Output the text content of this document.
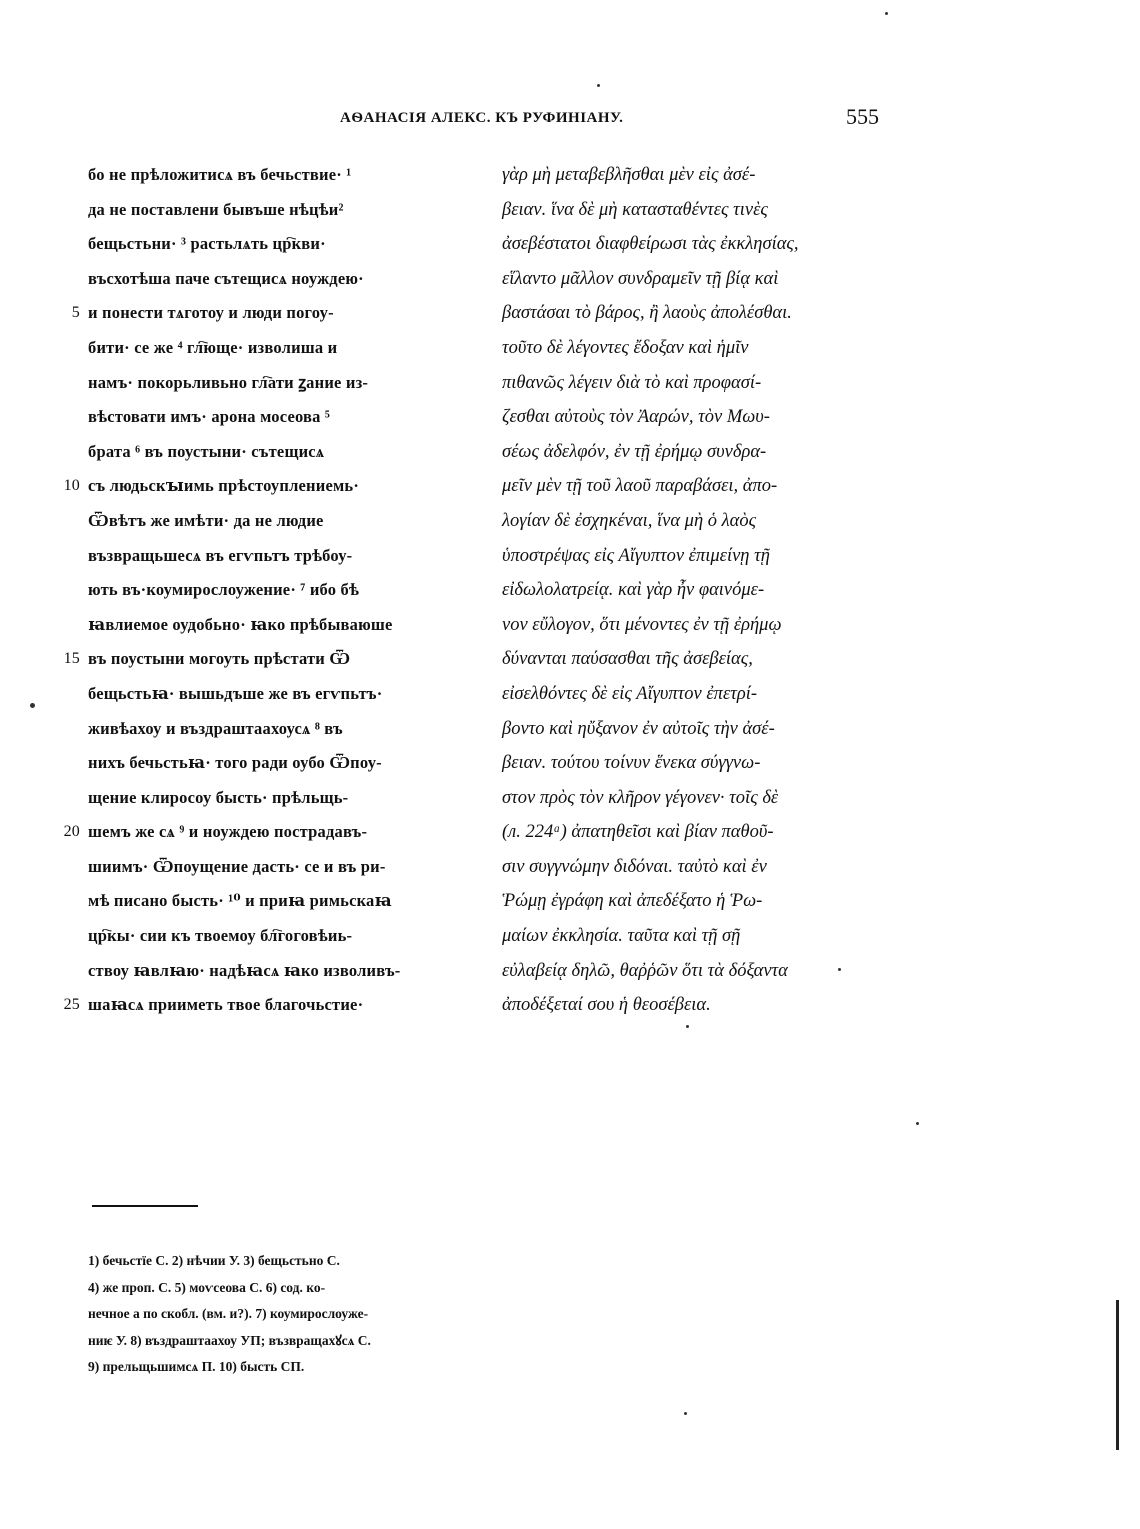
АѲАНАСІЯ АЛЕКС. КЪ РУФИНІАНУ.	555
бо не прѣложитисѧ въ бечьствие· ¹
да не поставлени бывъше нѣцѣи²
бещьстьни· ³ растьлѧть цр҇кви·
въсхотѣша паче сътещисѧ ноуждею·
5 и понести тѧготоу и люди погоу-
бити· се же ⁴ гл҇юще· изволиша и
намъ· покорьливьно гл҇ати ꙁание из-
вѣстовати имъ· арона мосеова ⁵
брата ⁶ въ поустыни· сътещисѧ
10 съ людьскꙑимь прѣстоуплениемь·
Ѿвѣтъ же имѣти· да не людие
възвращьшесѧ въ егѵпьтъ трѣбоу-
ють въ·коумирослоужение· ⁷ ибо бѣ
ꙗвлиемое оудобьно· ꙗко прѣбываюше
15 въ поустыни могоуть прѣстати Ѿ
бещьстьꙗ· вышьдъше же въ егѵпьтъ·
живѣахоу и въздраштаахоусѧ ⁸ въ
нихъ бечьстьꙗ· того ради оубо Ѿпоу-
щение клиросоу бысть· прѣльщь-
20 шемъ же сѧ ⁹ и ноуждею пострадавъ-
шиимъ· Ѿпоущение дасть· се и въ ри-
мѣ писано бысть· ¹⁰ и приꙗ римьскаꙗ
цр҇кы· сии къ твоемоу бл҇гоговѣиь-
ствоу ꙗвлꙗю· надѣꙗсѧ ꙗко изволивъ-
25 шаꙗсѧ прииметь твое благочьстие·
γὰρ μὴ μεταβεβλῆσθαι μὲν εἰς ἀσέ-
βειαν. ἵνα δὲ μὴ κατασταθέντες τινὲς
ἀσεβέστατοι διαφθείρωσι τὰς ἐκκλησίας,
εἵλαντο μᾶλλον συνδραμεῖν τῇ βίᾳ καὶ
βαστάσαι τὸ βάρος, ἢ λαοὺς ἀπολέσθαι.
τοῦτο δὲ λέγοντες ἔδοξαν καὶ ἡμῖν
πιθανῶς λέγειν διὰ τὸ καὶ προφασί-
ζεσθαι αὐτοὺς τὸν Ἀαρών, τὸν Μωυ-
σέως ἀδελφόν, ἐν τῇ ἐρήμῳ συνδρα-
μεῖν μὲν τῇ τοῦ λαοῦ παραβάσει, ἀπο-
λογίαν δὲ ἐσχηκέναι, ἵνα μὴ ὁ λαὸς
ὑποστρέψας εἰς Αἴγυπτον ἐπιμείνῃ τῇ
εἰδωλολατρείᾳ. καὶ γὰρ ἦν φαινόμε-
νον εὔλογον, ὅτι μένοντες ἐν τῇ ἐρήμῳ
δύνανται παύσασθαι τῆς ἀσεβείας,
εἰσελθόντες δὲ εἰς Αἴγυπτον ἐπετρί-
βοντο καὶ ηὔξανον ἐν αὐτοῖς τὴν ἀσέ-
βειαν. τούτου τοίνυν ἕνεκα σύγγνω-
στον πρὸς τὸν κλῆρον γέγονεν· τοῖς δὲ
(л. 224ᵃ) ἀπατηθεῖσι καὶ βίαν παθοῦ-
σιν συγγνώμην διδόναι. ταὐτὸ καὶ ἐν
Ῥώμῃ ἐγράφη καὶ ἀπεδέξατο ἡ Ῥω-
μαίων ἐκκλησία. ταῦτα καὶ τῇ σῇ
εὐλαβείᾳ δηλῶ, θαῤῥῶν ὅτι τὰ δόξαντα
ἀποδέξεταί σου ἡ θεοσέβεια.
1) бечьстїе С. 2) нѣчии У. 3) бещьстьно С.
4) же проп. С. 5) моѵсеова С. 6) сод. ко-
нечное а по скобл. (вм. и?). 7) коумирослоуже-
ниѥ У. 8) въздраштаахоу УП; възвращахꙋсѧ С.
9) прельщьшимсѧ П. 10) бысть СП.
